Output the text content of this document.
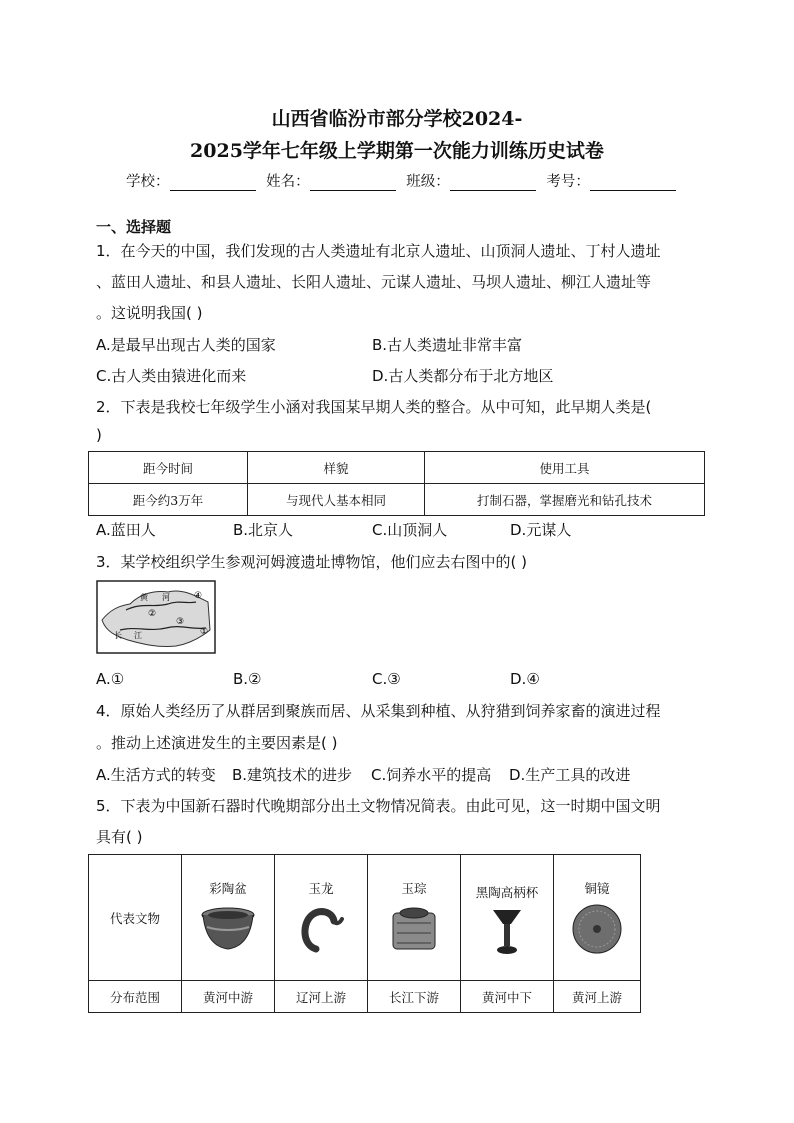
山西省临汾市部分学校2024-
2025学年七年级上学期第一次能力训练历史试卷
学校：	姓名：	班级：	考号：
一、选择题
1．在今天的中国，我们发现的古人类遗址有北京人遗址、山顶洞人遗址、丁村人遗址
、蓝田人遗址、和县人遗址、长阳人遗址、元谋人遗址、马坝人遗址、柳江人遗址等
。这说明我国( )
A.是最早出现古人类的国家	B.古人类遗址非常丰富
C.古人类由猿进化而来	D.古人类都分布于北方地区
2．下表是我校七年级学生小涵对我国某早期人类的整合。从中可知，此早期人类是(
)
距今时间	样貌	使用工具
距今约3万年	与现代人基本相同	打制石器，掌握磨光和钻孔技术
A.蓝田人	B.北京人	C.山顶洞人	D.元谋人
3．某学校组织学生参观河姆渡遗址博物馆，他们应去右图中的( )
黄 河
长 江	①
②
③
④
A.①	B.②	C.③	D.④
4．原始人类经历了从群居到聚族而居、从采集到种植、从狩猎到饲养家畜的演进过程
。推动上述演进发生的主要因素是( )
A.生活方式的转变 B.建筑技术的进步 C.饲养水平的提高 D.生产工具的改进
5．下表为中国新石器时代晚期部分出土文物情况简表。由此可见，这一时期中国文明
具有( )
代表文物	彩陶盆	玉龙	玉琮	黑陶高柄杯	铜镜

分布范围	黄河中游	辽河上游	长江下游	黄河中下	黄河上游
